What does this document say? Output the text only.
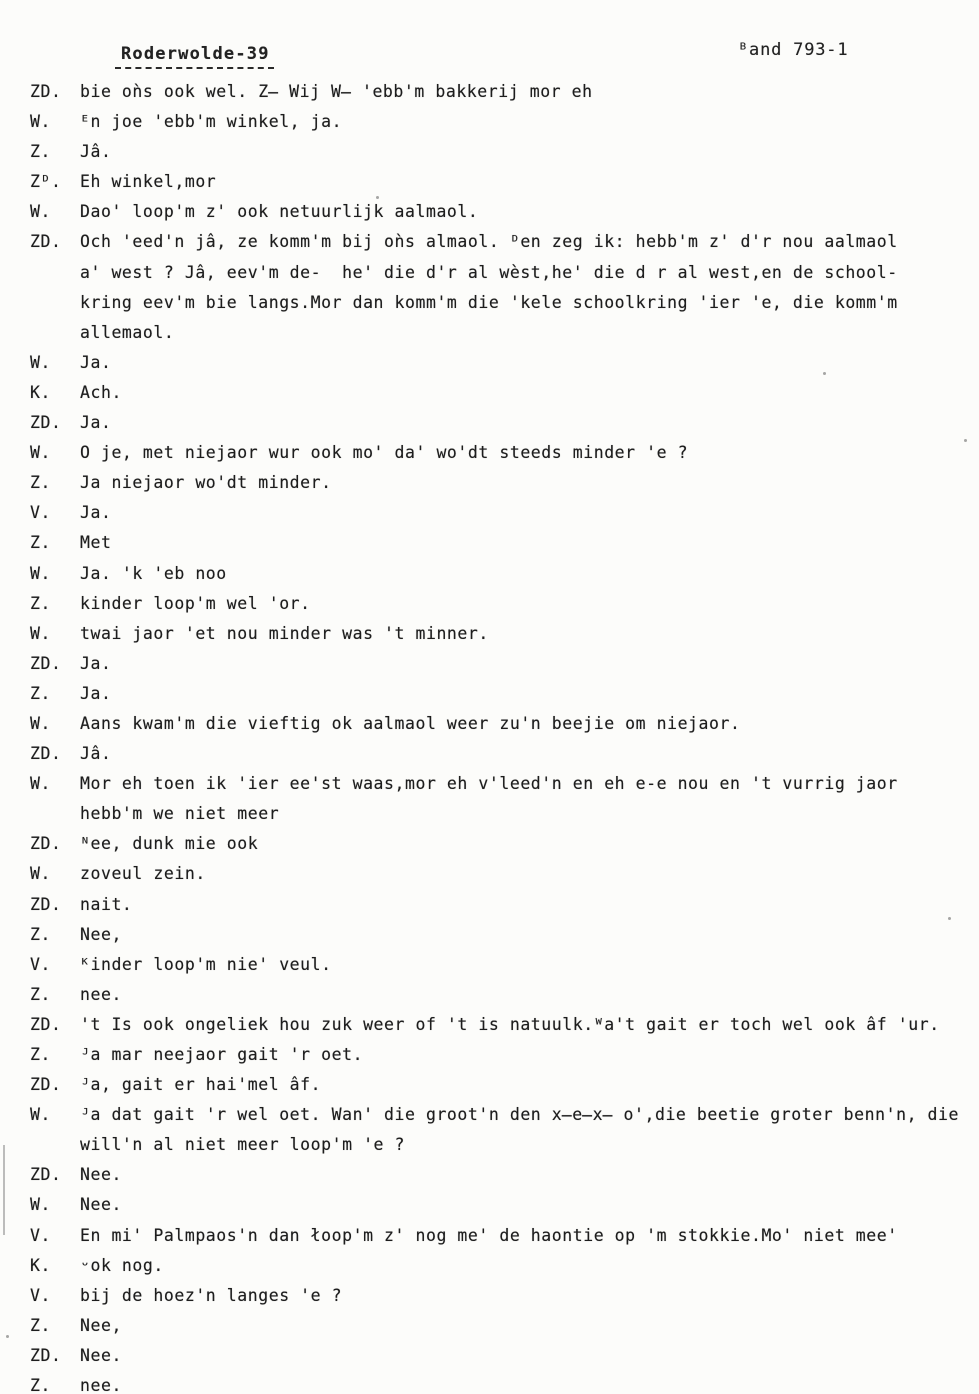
Roderwolde-39	ᴮand 793-1
ZD.	bie oǹs ook wel. Z̶ Wij W̶ 'ebb'm bakkerij mor eh
W.	ᴱn joe 'ebb'm winkel, ja.
Z.	Jâ.
Zᴰ.	Eh winkel,mor
W.	Dao' loop'm z' ook netuurlijk aalmaol.
ZD.	Och 'eed'n jâ, ze komm'm bij oǹs almaol. ᴰen zeg ik: hebb'm z' d'r nou aalmaol
a' west ? Jâ, eev'm de-  he' die d'r al wèst,he' die d r al west,en de school-
kring eev'm bie langs.Mor dan komm'm die 'kele schoolkring 'ier 'e, die komm'm
allemaol.
W.	Ja.
K.	Ach.
ZD.	Ja.
W.	O je, met niejaor wur ook mo' da' wo'dt steeds minder 'e ?
Z.	Ja niejaor wo'dt minder.
V.	Ja.
Z.	Met
W.	Ja. 'k 'eb noo
Z.	kinder loop'm wel 'or.
W.	twai jaor 'et nou minder was 't minner.
ZD.	Ja.
Z.	Ja.
W.	Aans kwam'm die vieftig ok aalmaol weer zu'n beejie om niejaor.
ZD.	Jâ.
W.	Mor eh toen ik 'ier ee'st waas,mor eh v'leed'n en eh e-e nou en 't vurrig jaor
hebb'm we niet meer
ZD.	ᴺee, dunk mie ook
W.	zoveul zein.
ZD.	nait.
Z.	Nee,
V.	ᴷinder loop'm nie' veul.
Z.	nee.
ZD.	't Is ook ongeliek hou zuk weer of 't is natuulk.ᵂa't gait er toch wel ook âf 'ur.
Z.	ᴶa mar neejaor gait 'r oet.
ZD.	ᴶa, gait er hai'mel âf.
W.	ᴶa dat gait 'r wel oet. Wan' die groot'n den x̶e̶x̶ o',die beetie groter benn'n, die
will'n al niet meer loop'm 'e ?
ZD.	Nee.
W.	Nee.
V.	En mi' Palmpaos'n dan łoop'm z' nog me' de haontie op 'm stokkie.Mo' niet mee'
K.	ᵕok nog.
V.	bij de hoez'n langes 'e ?
Z.	Nee,
ZD.	Nee.
Z.	nee.
